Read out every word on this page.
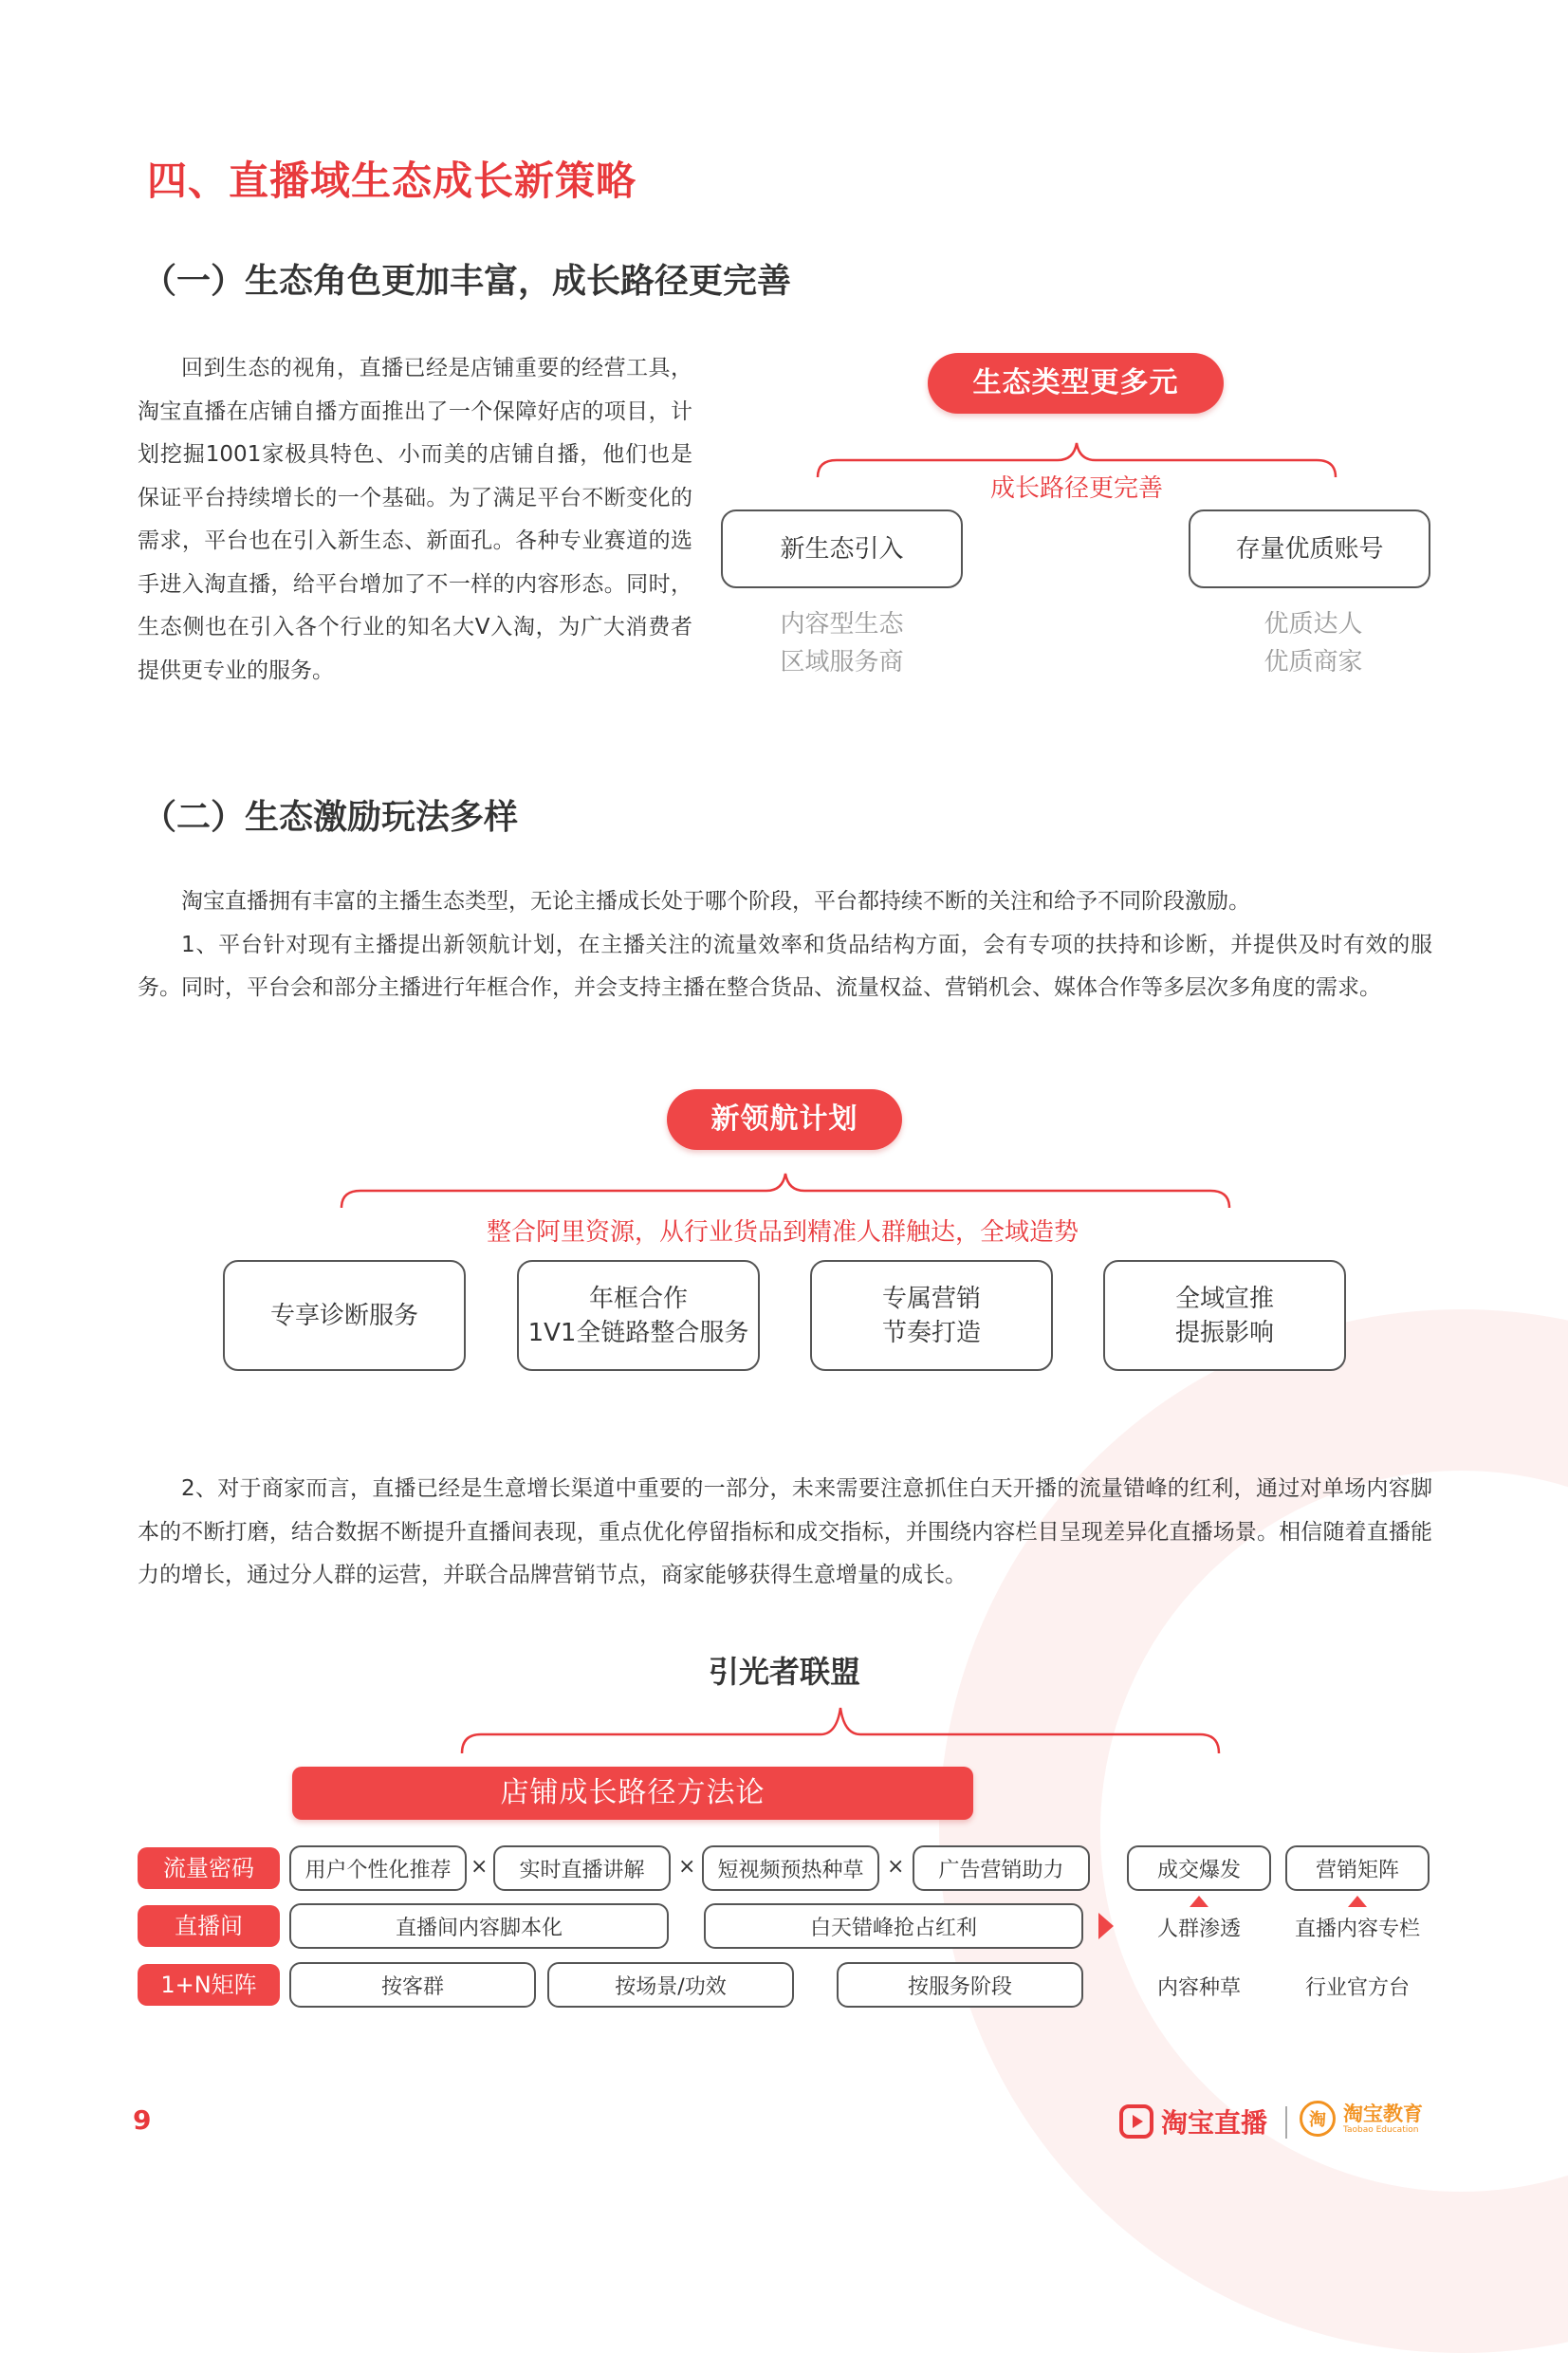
四、直播域生态成长新策略
（一）生态角色更加丰富，成长路径更完善

回到生态的视角，直播已经是店铺重要的经营工具，淘宝直播在店铺自播方面推出了一个保障好店的项目，计划挖掘1001家极具特色、小而美的店铺自播，他们也是保证平台持续增长的一个基础。为了满足平台不断变化的需求，平台也在引入新生态、新面孔。各种专业赛道的选手进入淘直播，给平台增加了不一样的内容形态。同时，生态侧也在引入各个行业的知名大V入淘，为广大消费者提供更专业的服务。

生态类型更多元
成长路径更完善
新生态引入	存量优质账号
内容型生态
区域服务商
优质达人
优质商家
（二）生态激励玩法多样

淘宝直播拥有丰富的主播生态类型，无论主播成长处于哪个阶段，平台都持续不断的关注和给予不同阶段激励。

1、平台针对现有主播提出新领航计划，在主播关注的流量效率和货品结构方面，会有专项的扶持和诊断，并提供及时有效的服务。同时，平台会和部分主播进行年框合作，并会支持主播在整合货品、流量权益、营销机会、媒体合作等多层次多角度的需求。

新领航计划
整合阿里资源，从行业货品到精准人群触达，全域造势
专享诊断服务
年框合作
1V1全链路整合服务
专属营销
节奏打造
全域宣推
提振影响

2、对于商家而言，直播已经是生意增长渠道中重要的一部分，未来需要注意抓住白天开播的流量错峰的红利，通过对单场内容脚本的不断打磨，结合数据不断提升直播间表现，重点优化停留指标和成交指标，并围绕内容栏目呈现差异化直播场景。相信随着直播能力的增长，通过分人群的运营，并联合品牌营销节点，商家能够获得生意增量的成长。

引光者联盟
店铺成长路径方法论
流量密码	用户个性化推荐 ×	实时直播讲解	×	短视频预热种草	×	广告营销助力	成交爆发	营销矩阵
直播间	直播间内容脚本化	白天错峰抢占红利	人群渗透	直播内容专栏
1+N矩阵	按客群	按场景/功效	按服务阶段	内容种草	行业官方台
9	淘宝直播	淘 淘宝教育
Taobao Education
